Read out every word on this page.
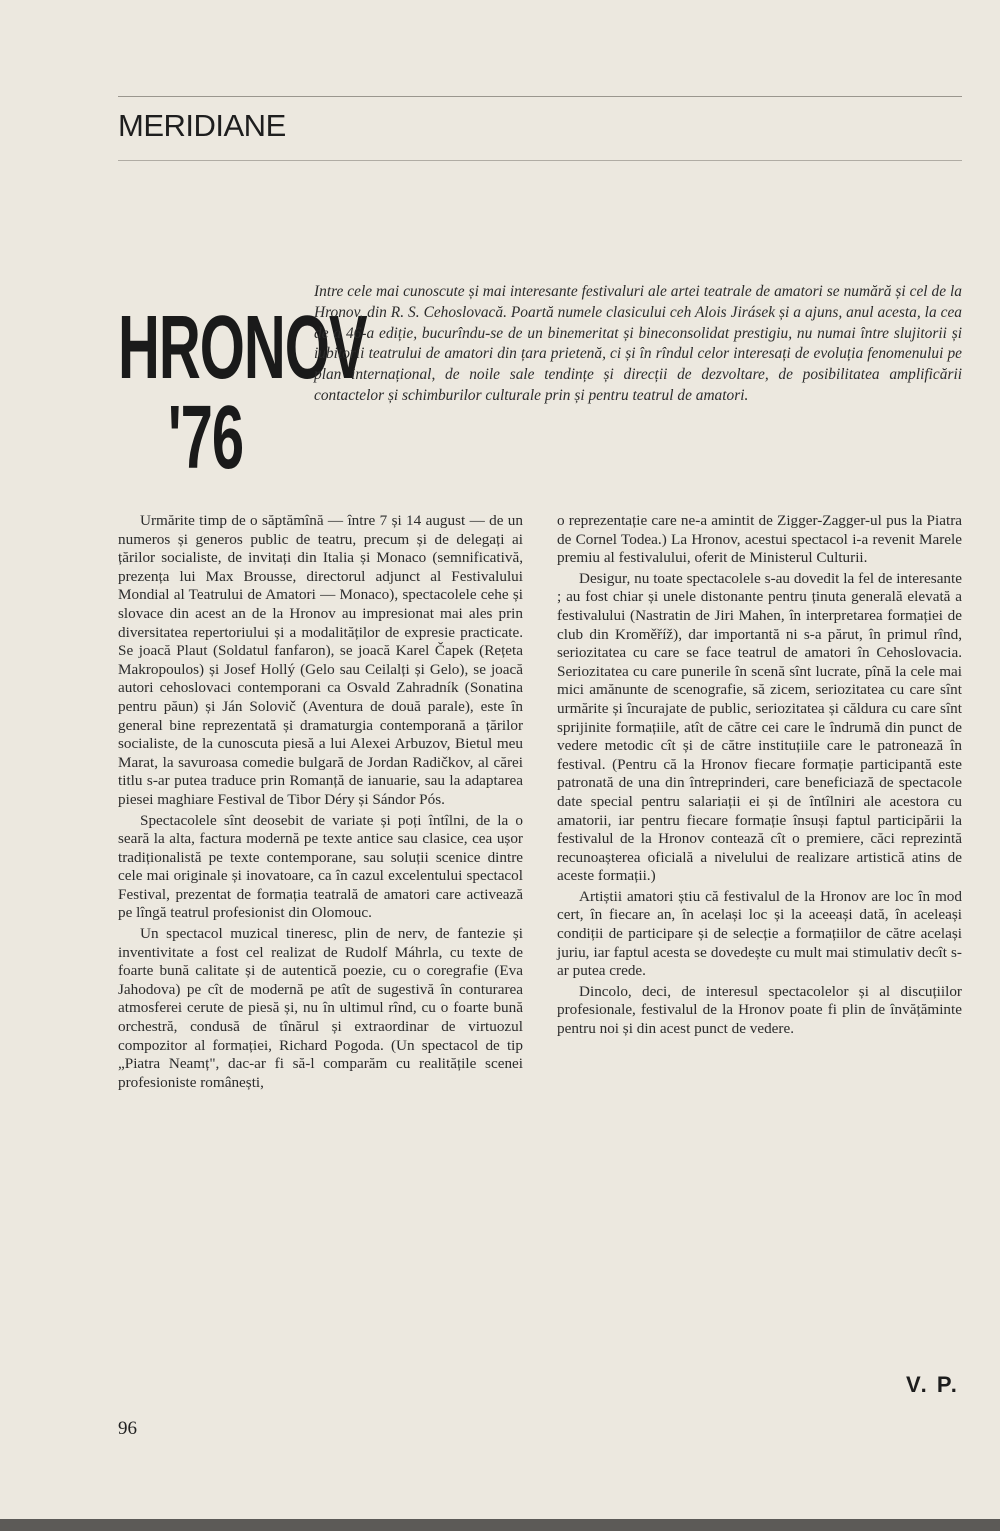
MERIDIANE
HRONOV
'76
Intre cele mai cunoscute și mai interesante festivaluri ale artei teatrale de amatori se numără și cel de la Hronov, din R. S. Cehoslovacă. Poartă numele clasicului ceh Alois Jirásek și a ajuns, anul acesta, la cea de a 46-a ediție, bucurîndu-se de un binemeritat și bineconsolidat prestigiu, nu numai între slujitorii și iubitorii teatrului de amatori din țara prietenă, ci și în rîndul celor interesați de evoluția fenomenului pe plan internațional, de noile sale tendințe și direcții de dezvoltare, de posibilitatea amplificării contactelor și schimburilor culturale prin și pentru teatrul de amatori.

Urmărite timp de o săptămînă — între 7 și 14 august — de un numeros și generos public de teatru, precum și de delegați ai țărilor socialiste, de invitați din Italia și Monaco (semnificativă, prezența lui Max Brousse, directorul adjunct al Festivalului Mondial al Teatrului de Amatori — Monaco), spectacolele cehe și slovace din acest an de la Hronov au impresionat mai ales prin diversitatea repertoriului și a modalităților de expresie practicate. Se joacă Plaut (Soldatul fanfaron), se joacă Karel Čapek (Rețeta Makropoulos) și Josef Hollý (Gelo sau Ceilalți și Gelo), se joacă autori cehoslovaci contemporani ca Osvald Zahradník (Sonatina pentru păun) și Ján Solovič (Aventura de două parale), este în general bine reprezentată și dramaturgia contemporană a țărilor socialiste, de la cunoscuta piesă a lui Alexei Arbuzov, Bietul meu Marat, la savuroasa comedie bulgară de Jordan Radičkov, al cărei titlu s-ar putea traduce prin Romanță de ianuarie, sau la adaptarea piesei maghiare Festival de Tibor Déry și Sándor Pós.

Spectacolele sînt deosebit de variate și poți întîlni, de la o seară la alta, factura modernă pe texte antice sau clasice, cea ușor tradiționalistă pe texte contemporane, sau soluții scenice dintre cele mai originale și inovatoare, ca în cazul excelentului spectacol Festival, prezentat de formația teatrală de amatori care activează pe lîngă teatrul profesionist din Olomouc.

Un spectacol muzical tineresc, plin de nerv, de fantezie și inventivitate a fost cel realizat de Rudolf Máhrla, cu texte de foarte bună calitate și de autentică poezie, cu o coregrafie (Eva Jahodova) pe cît de modernă pe atît de sugestivă în conturarea atmosferei cerute de piesă și, nu în ultimul rînd, cu o foarte bună orchestră, condusă de tînărul și extraordinar de virtuozul compozitor al formației, Richard Pogoda. (Un spectacol de tip „Piatra Neamț", dac-ar fi să-l comparăm cu realitățile scenei profesioniste românești,

o reprezentație care ne-a amintit de Zigger-Zagger-ul pus la Piatra de Cornel Todea.) La Hronov, acestui spectacol i-a revenit Marele premiu al festivalului, oferit de Ministerul Culturii.

Desigur, nu toate spectacolele s-au dovedit la fel de interesante ; au fost chiar și unele distonante pentru ținuta generală elevată a festivalului (Nastratin de Jiri Mahen, în interpretarea formației de club din Kroměříž), dar importantă ni s-a părut, în primul rînd, seriozitatea cu care se face teatrul de amatori în Cehoslovacia. Seriozitatea cu care punerile în scenă sînt lucrate, pînă la cele mai mici amănunte de scenografie, să zicem, seriozitatea cu care sînt urmărite și încurajate de public, seriozitatea și căldura cu care sînt sprijinite formațiile, atît de către cei care le îndrumă din punct de vedere metodic cît și de către instituțiile care le patronează în festival. (Pentru că la Hronov fiecare formație participantă este patronată de una din întreprinderi, care beneficiază de spectacole date special pentru salariații ei și de întîlniri ale acestora cu amatorii, iar pentru fiecare formație însuși faptul participării la festivalul de la Hronov contează cît o premiere, căci reprezintă recunoașterea oficială a nivelului de realizare artistică atins de aceste formații.)

Artiștii amatori știu că festivalul de la Hronov are loc în mod cert, în fiecare an, în același loc și la aceeași dată, în aceleași condiții de participare și de selecție a formațiilor de către același juriu, iar faptul acesta se dovedește cu mult mai stimulativ decît s-ar putea crede.

Dincolo, deci, de interesul spectacolelor și al discuțiilor profesionale, festivalul de la Hronov poate fi plin de învățăminte pentru noi și din acest punct de vedere.

V. P.
96
